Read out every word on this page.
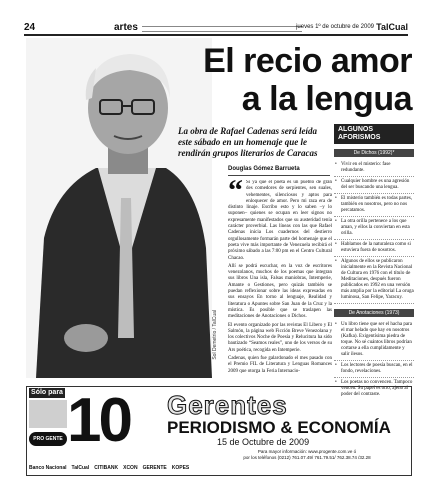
24	artes	jueves 1º de octubre de 2009 TalCual
Sol Demetrio / TalCual
El recio amor
a la lengua

La obra de Rafael Cadenas será leída este sábado en un homenaje que le rendirán grupos literarios de Caracas

Douglas Gómez Barrueta
“ Si ya que el poeta es un pueblo de gran des comedores de serpientes, sen suales, vehementes, silenciosos y aptos para enloquecer de amor. Pero mi raza era de distinto linaje. Escribo esto y lo saben –y lo suponen– quienes se ocupan en leer signos no expresamente manifestados que su austeridad tenía carácter proverbial. Las líneas con las que Rafael Cadenas inicia Los cuadernos del destierro orgullosamente formarán parte del homenaje que el poeta vive más importante de Venezuela recibirá el próximo sábado a las 7:00 pm en el Centro Cultural Chacao.

Allí se podrá escuchar, en la voz de escritores venezolanos, muchos de los poemas que integran sus libros Una isla, Falsas maniobras, Intemperie, Amante o Gestiones, pero quizás también se puedan reflexionar sobre las ideas expresadas en sus ensayos En torno al lenguaje, Realidad y literatura o Apuntes sobre San Juan de la Cruz y la mística. Es posible que se traslapen las meditaciones de Anotaciones o Dichos.

El evento organizado por las revistas El Libero y El Salmón, la página web Ficción Breve Venezolana y los colectivos Noche de Poesía y Relucitura ha sido bautizado “Seamos reales”, uno de los versos de su Ars poética, recogida en Intemperie.

Cadenas, quien fue galardonado el mes pasado con el Premio FIL de Literatura y Lenguas Romances 2009 que otorga la Feria Internacio-

ALGUNOS AFORISMOS
De Dichos (1992)*
• Vivir en el misterio: fase redundante.
• Cualquier hombre es una agresión del ser buscando una lengua.
• El misterio también es todas partes, también en nosotros, pero no nos percatamos.
• La otra orilla pertenece a los que aman, y ellos la conviertan en esta orilla.
• Hablamos de la naturaleza como si estuviera fuera de nosotros.
• Algunos de ellos se publicaron inicialmente en la Revista Nacional de Cultura en 1976 con el título de Meditaciones, después fueron publicados en 1992 en una versión más amplia por la editorial La oruga luminosa, San Felipe, Yaracuy.
De Anotaciones (1973)
• Un libro tiene que ser el hacha para el mar helado que hay en nosotros (Kafka). Exigentísima piedra de toque. No sé cuántos libros podrían cortarse a ella cumplidamente y salir ilesos.
• Los lectores de poesía buscan, en el fondo, revelaciones.
• Los poetas no convencen. Tampoco vencen. Su papel es otro, ajeno al poder del contraste.
Sólo para
PRO GENTE 10 Gerentes
PERIODISMO & ECONOMÍA
15 de Octubre de 2009
Para mayor información: www.progente.com.ve ó
por los teléfonos (0212) 761.07.49/ 761.79.51/ 762.38.74 /32.28
Banco Nacional TalCual CITIBANK XCON GERENTE KOPES
